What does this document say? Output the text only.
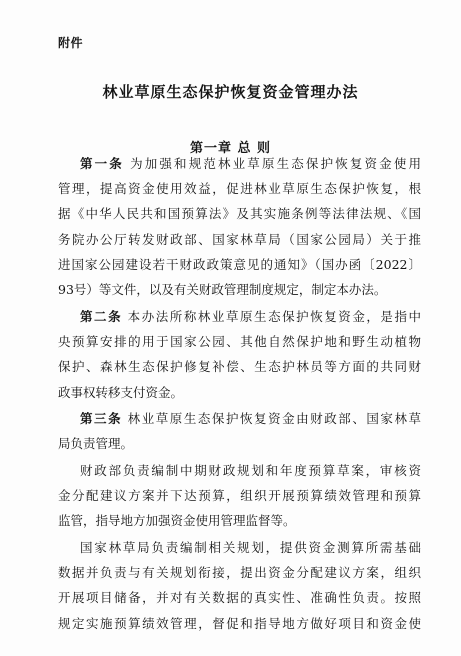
附件
林业草原生态保护恢复资金管理办法
第一章 总 则
第一条 为加强和规范林业草原生态保护恢复资金使用
管理，提高资金使用效益，促进林业草原生态保护恢复，根
据《中华人民共和国预算法》及其实施条例等法律法规、《国
务院办公厅转发财政部、国家林草局（国家公园局）关于推
进国家公园建设若干财政政策意见的通知》（国办函〔2022〕
93号）等文件，以及有关财政管理制度规定，制定本办法。
第二条 本办法所称林业草原生态保护恢复资金，是指中
央预算安排的用于国家公园、其他自然保护地和野生动植物
保护、森林生态保护修复补偿、生态护林员等方面的共同财
政事权转移支付资金。
第三条 林业草原生态保护恢复资金由财政部、国家林草
局负责管理。
财政部负责编制中期财政规划和年度预算草案，审核资
金分配建议方案并下达预算，组织开展预算绩效管理和预算
监管，指导地方加强资金使用管理监督等。
国家林草局负责编制相关规划，提供资金测算所需基础
数据并负责与有关规划衔接，提出资金分配建议方案，组织
开展项目储备，并对有关数据的真实性、准确性负责。按照
规定实施预算绩效管理，督促和指导地方做好项目和资金使
